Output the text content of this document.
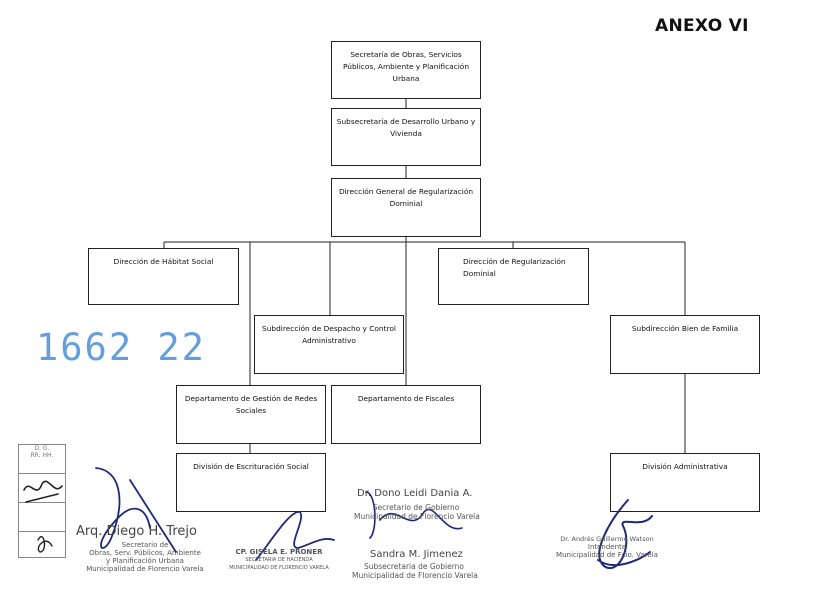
ANEXO VI
Secretaría de Obras, Servicios Públicos, Ambiente y Planificación Urbana
Subsecretaría de Desarrollo Urbano y Vivienda
Dirección General de Regularización Dominial
Dirección de Hábitat Social	Dirección de Regularización Dominial
Subdirección de Despacho y Control Administrativo
Subdirección Bien de Familia
Departamento de Gestión de Redes Sociales
Departamento de Fiscales
División de Escrituración Social	División Administrativa
1662 22
D. G.
RR. HH.
Arq. Diego H. Trejo
Secretario de
Obras, Serv. Públicos, Ambiente
y Planificación Urbana
Municipalidad de Florencio Varela
CP. GISELA E. PRONER
SECRETARIA DE HACIENDA
MUNICIPALIDAD DE FLORENCIO VARELA
Dr. Dono Leidi Dania A.
Secretario de Gobierno
Municipalidad de Florencio Varela
Sandra M. Jimenez
Subsecretaria de Gobierno
Municipalidad de Florencio Varela
Dr. Andrés Guillermo Watson
Intendente
Municipalidad de Fcio. Varela
